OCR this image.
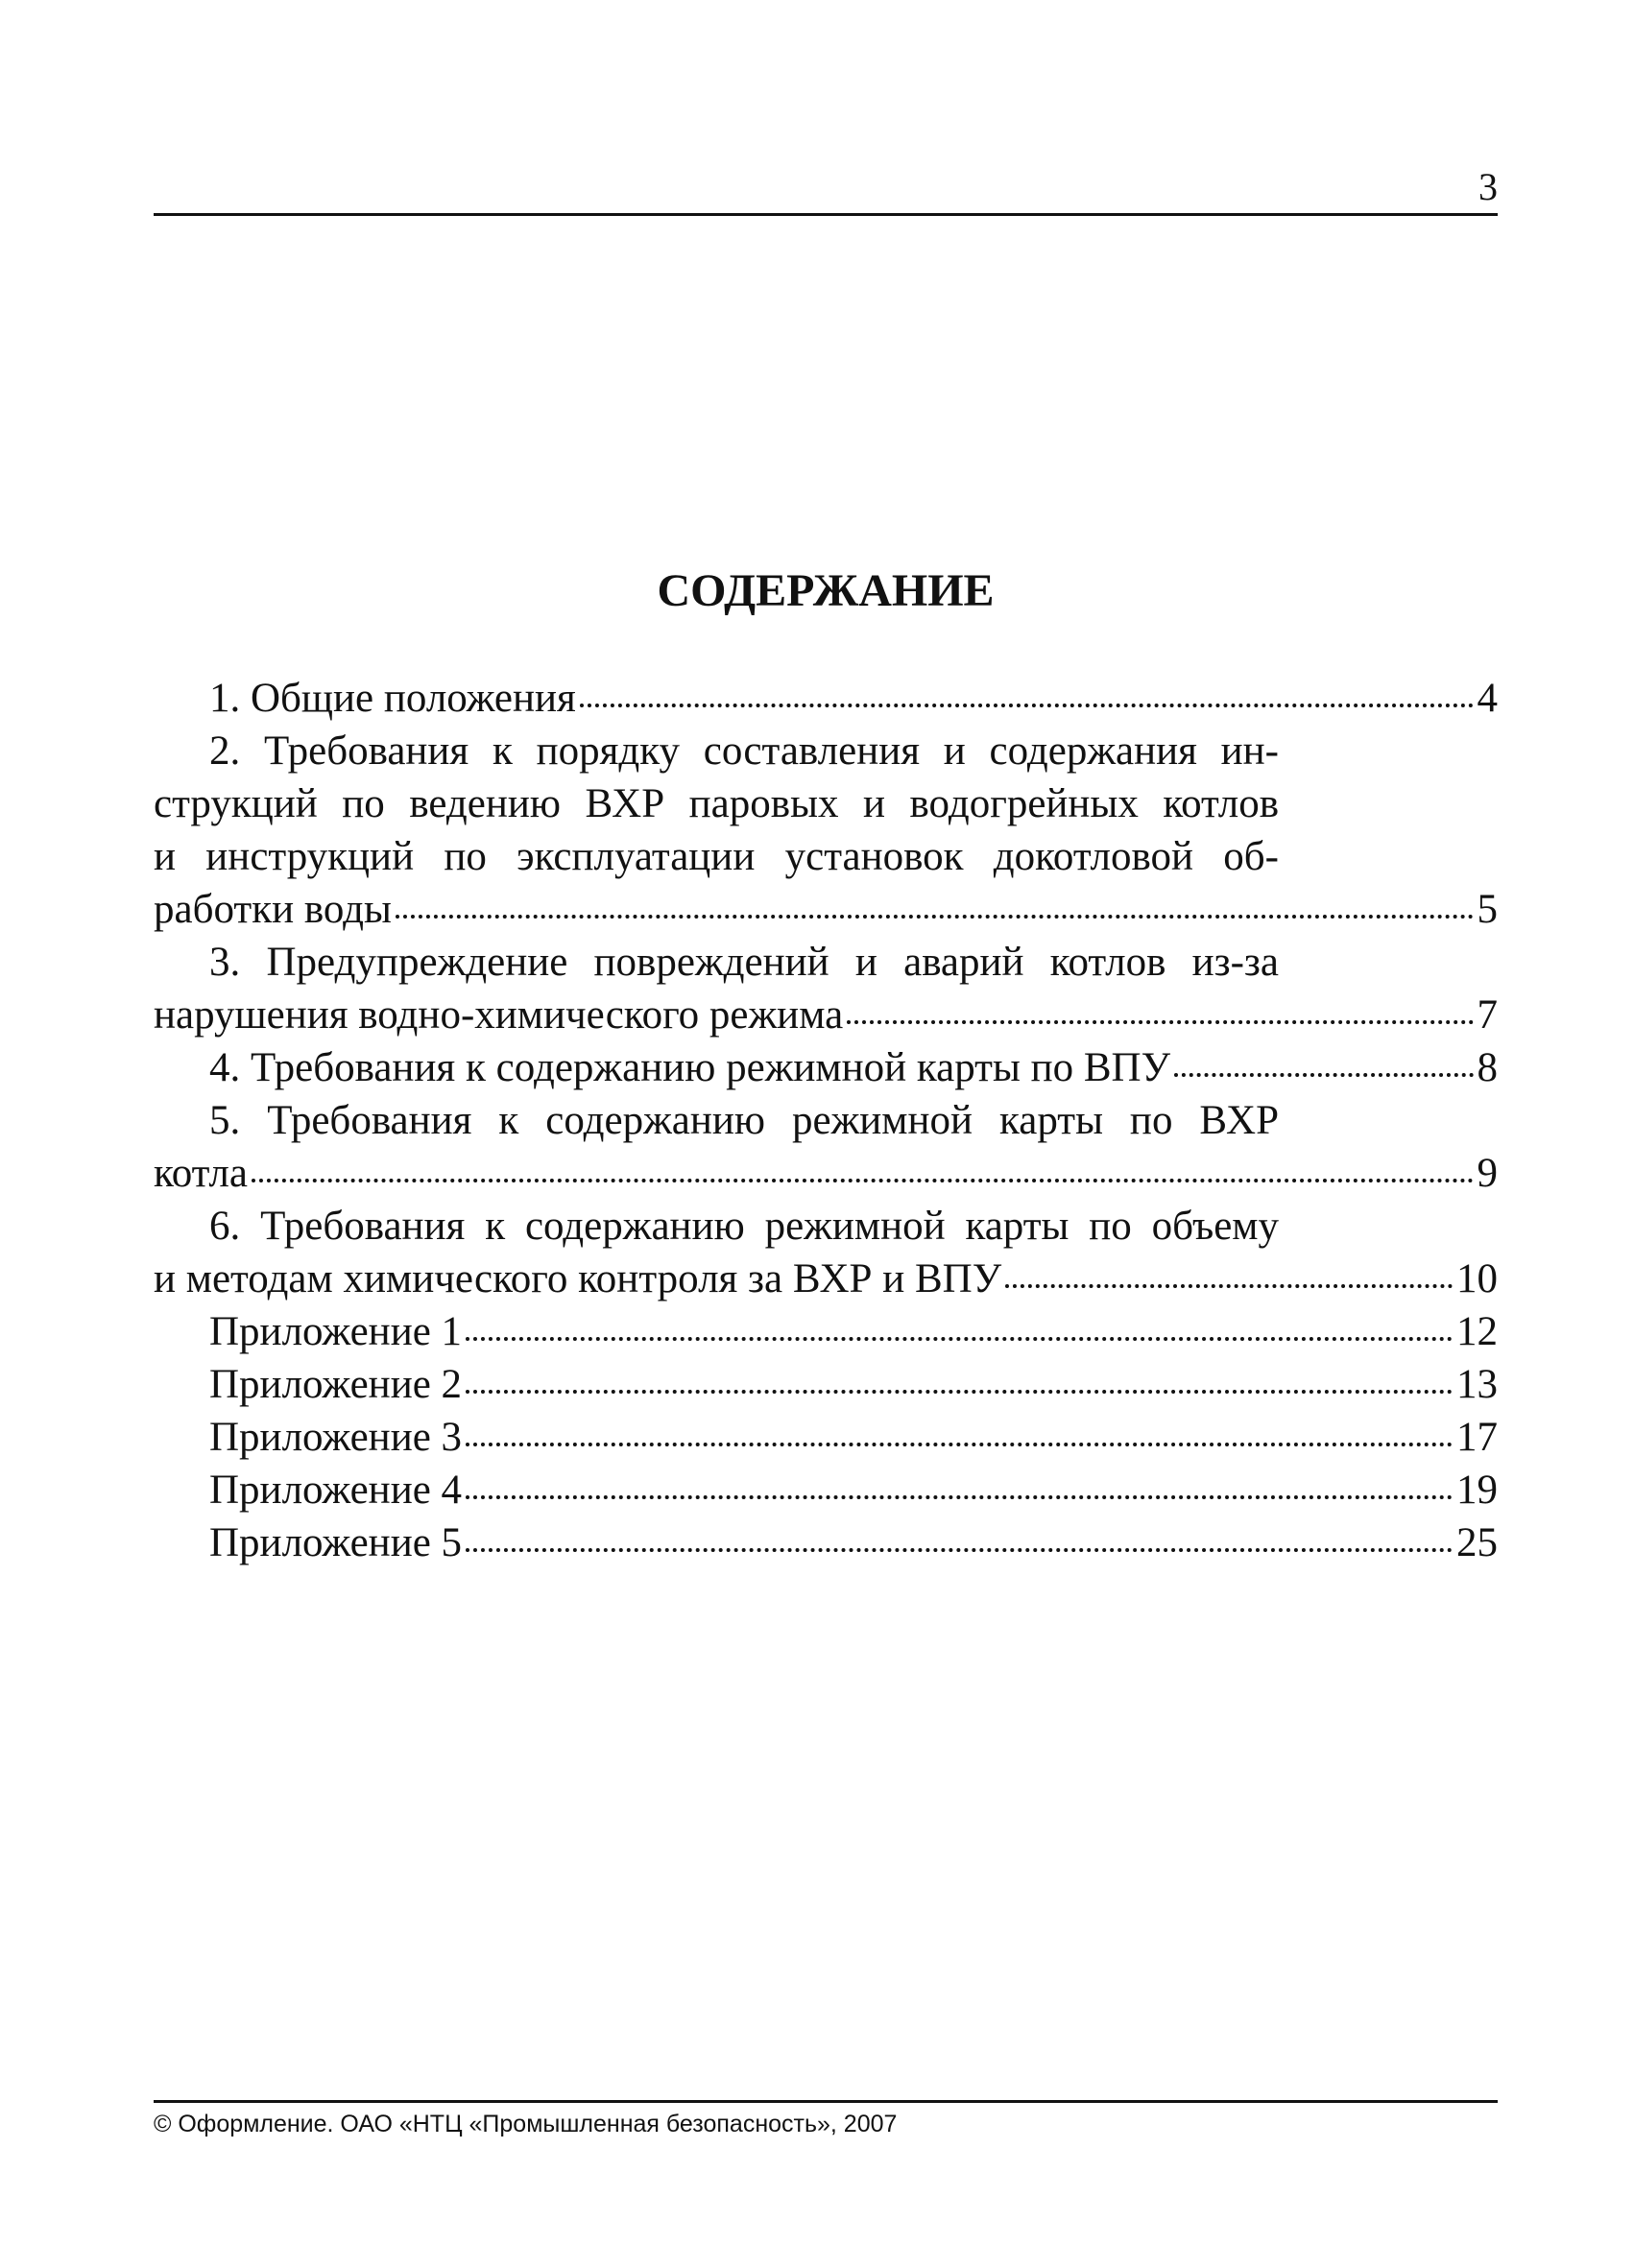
3
СОДЕРЖАНИЕ
1. Общие положения	4
2. Требования к порядку составления и содержания ин-
струкций по ведению ВХР паровых и водогрейных котлов
и инструкций по эксплуатации установок докотловой об-
работки воды	5
3. Предупреждение повреждений и аварий котлов из-за
нарушения водно-химического режима	7
4. Требования к содержанию режимной карты по ВПУ	8
5. Требования к содержанию режимной карты по ВХР
котла	9
6. Требования к содержанию режимной карты по объему
и методам химического контроля за ВХР и ВПУ	10
Приложение 1	12
Приложение 2	13
Приложение 3	17
Приложение 4	19
Приложение 5	25
© Оформление. ОАО «НТЦ «Промышленная безопасность», 2007
